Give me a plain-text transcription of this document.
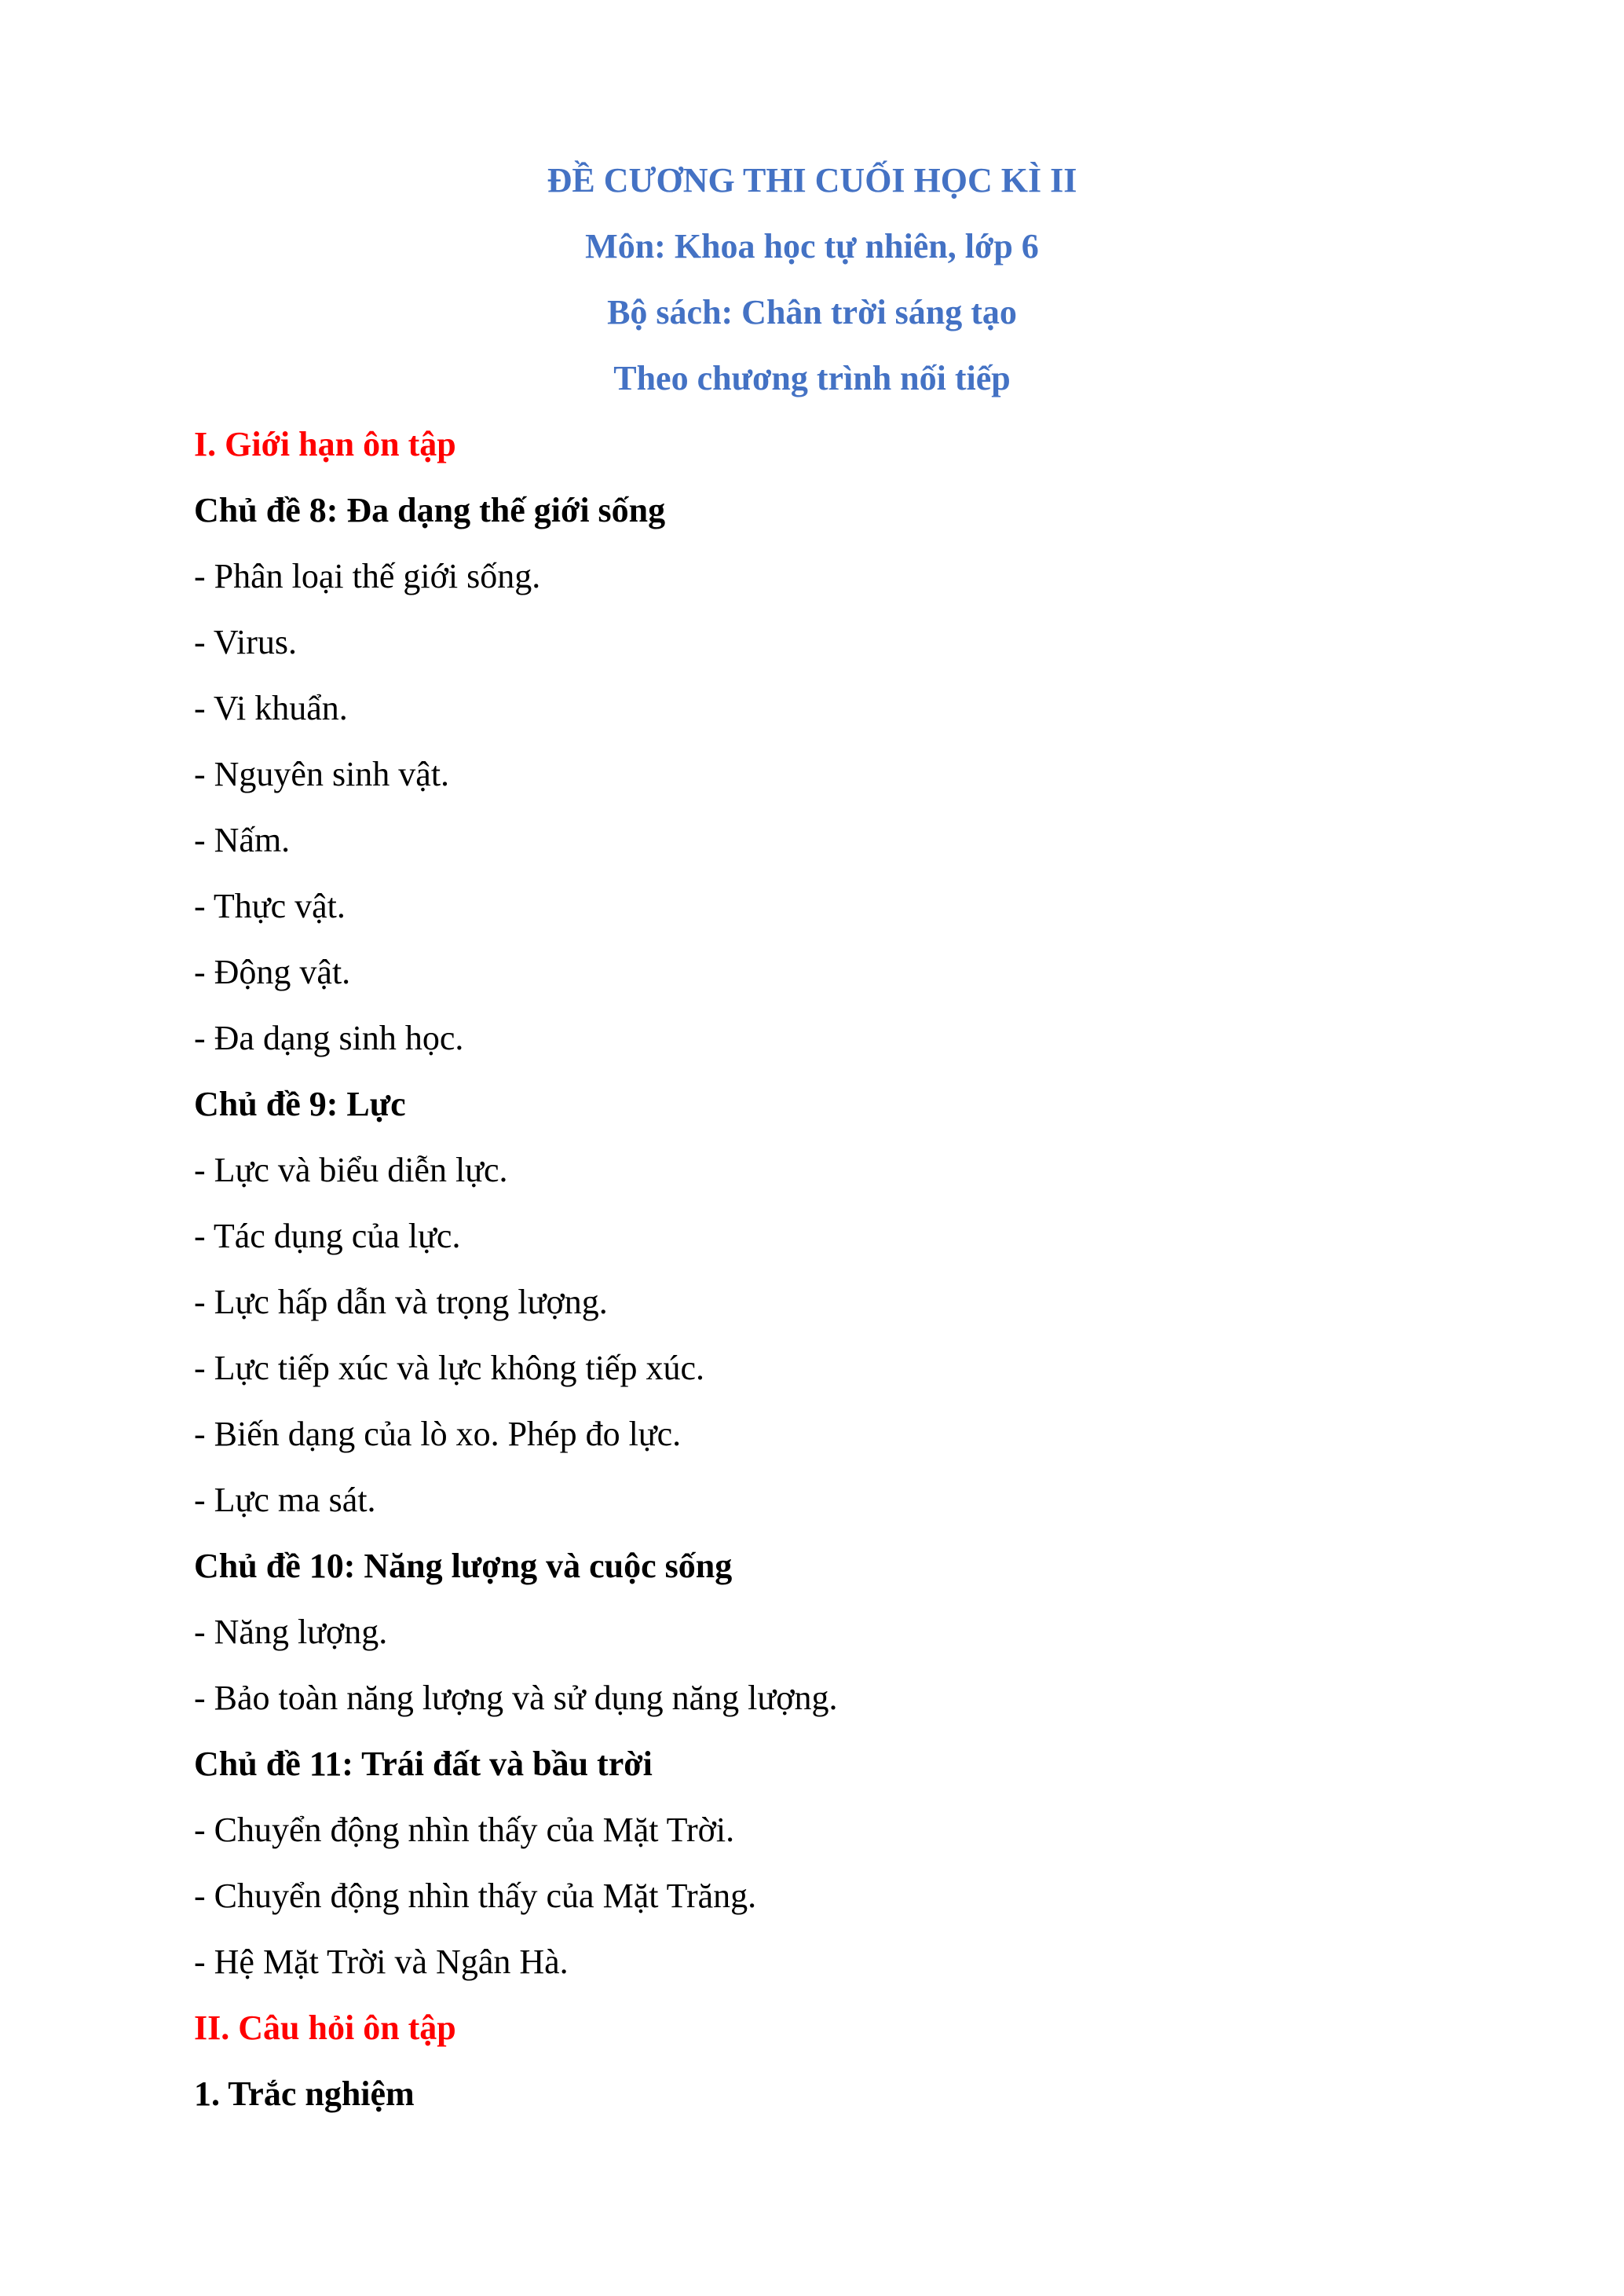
ĐỀ CƯƠNG THI CUỐI HỌC KÌ II
Môn: Khoa học tự nhiên, lớp 6
Bộ sách: Chân trời sáng tạo
Theo chương trình nối tiếp
I. Giới hạn ôn tập
Chủ đề 8: Đa dạng thế giới sống
- Phân loại thế giới sống.
- Virus.
- Vi khuẩn.
- Nguyên sinh vật.
- Nấm.
- Thực vật.
- Động vật.
- Đa dạng sinh học.
Chủ đề 9: Lực
- Lực và biểu diễn lực.
- Tác dụng của lực.
- Lực hấp dẫn và trọng lượng.
- Lực tiếp xúc và lực không tiếp xúc.
- Biến dạng của lò xo. Phép đo lực.
- Lực ma sát.
Chủ đề 10: Năng lượng và cuộc sống
- Năng lượng.
- Bảo toàn năng lượng và sử dụng năng lượng.
Chủ đề 11: Trái đất và bầu trời
- Chuyển động nhìn thấy của Mặt Trời.
- Chuyển động nhìn thấy của Mặt Trăng.
- Hệ Mặt Trời và Ngân Hà.
II. Câu hỏi ôn tập
1. Trắc nghiệm
